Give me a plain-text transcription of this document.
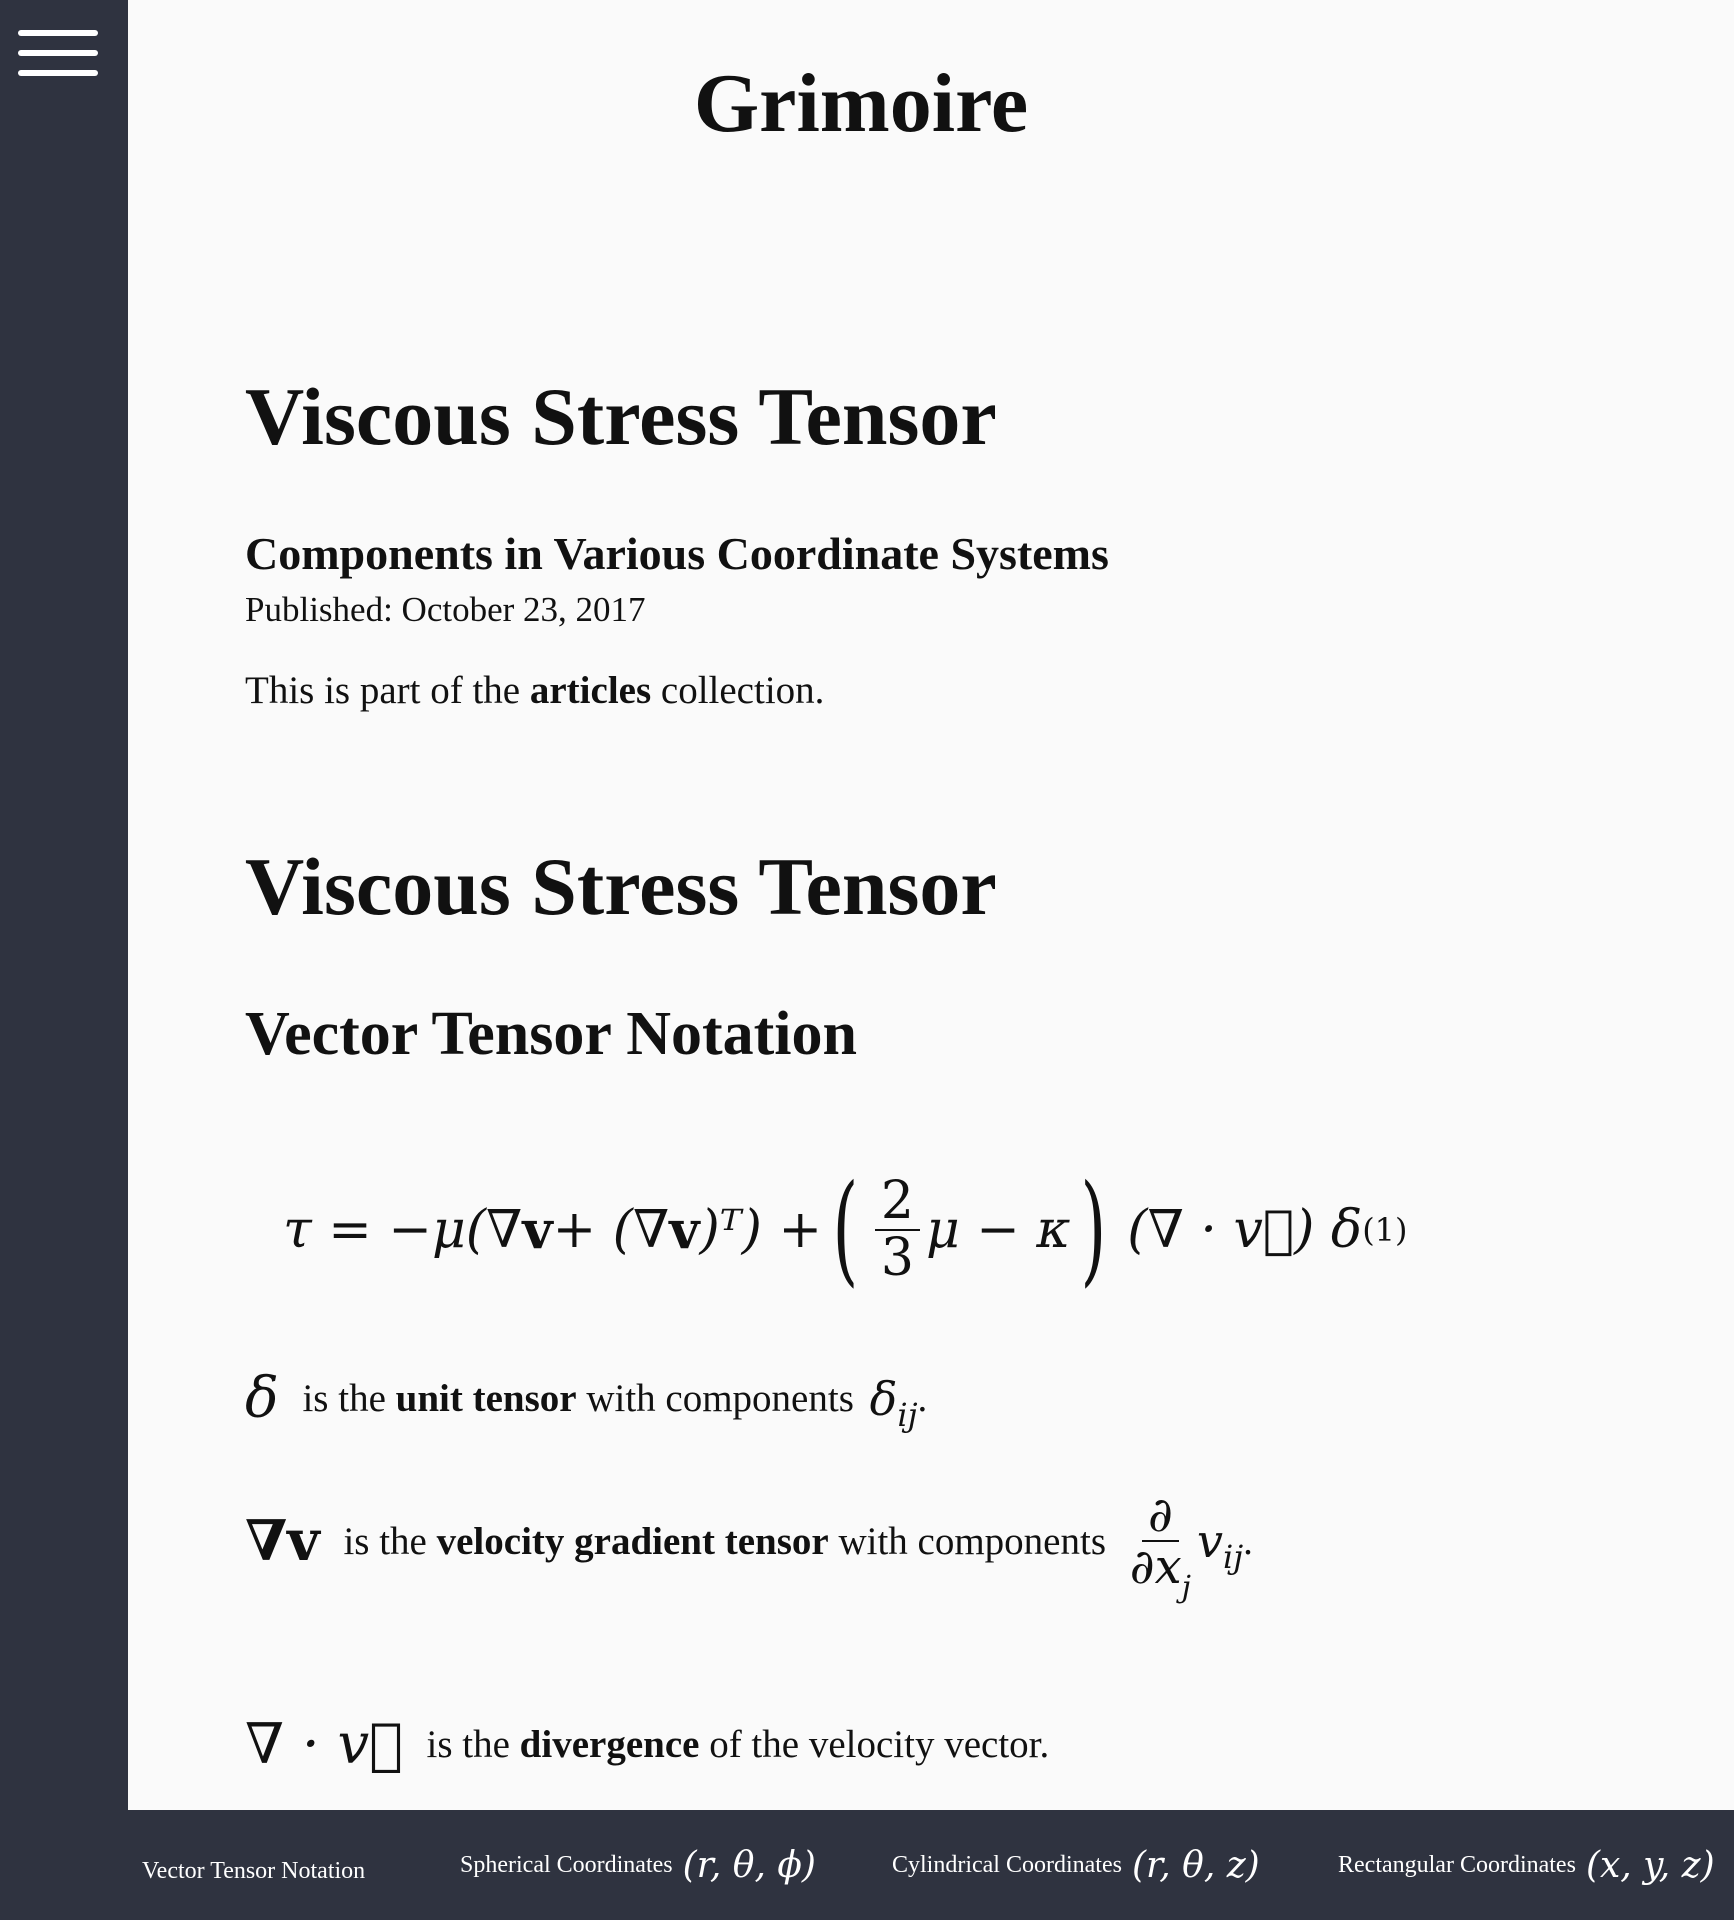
Grimoire
Viscous Stress Tensor
Components in Various Coordinate Systems
Published: October 23, 2017
This is part of the articles collection.
Viscous Stress Tensor
Vector Tensor Notation
τ = −μ(∇ v + (∇ v )ᵀ) + ( $\frac{2}{3}$ μ − κ ) (∇ · v⃗) δ (1)
δ is the unit tensor with components δ ij .
∇v is the velocity gradient tensor with components $\frac{\partial}{\partial x_j}$ v ij .
∇ · v⃗ is the divergence of the velocity vector.
Vector Tensor Notation	Spherical Coordinates (r, θ, ϕ)	Cylindrical Coordinates (r, θ, z)	Rectangular Coordinates (x, y, z)
